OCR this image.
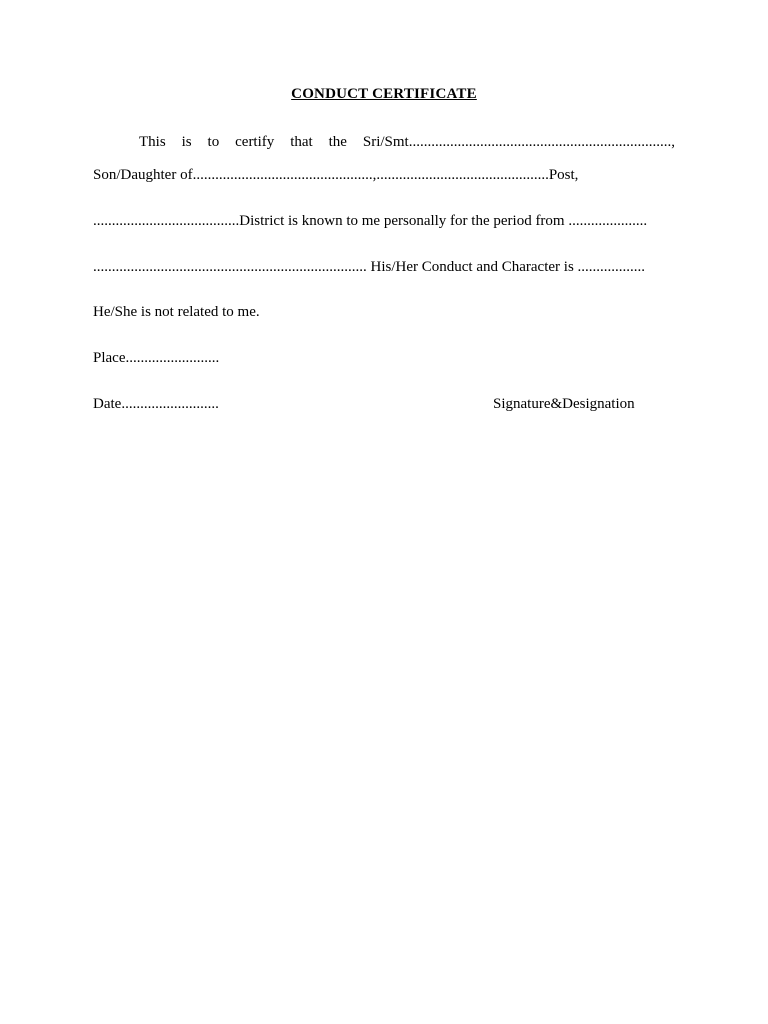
CONDUCT CERTIFICATE
This is to certify that the Sri/Smt......................................................................,
Son/Daughter of................................................,..............................................Post,
.......................................District is known to me personally for the period from .....................
......................................................................... His/Her Conduct and Character is ..................
He/She is not related to me.
Place.........................
Date..........................	Signature&Designation
